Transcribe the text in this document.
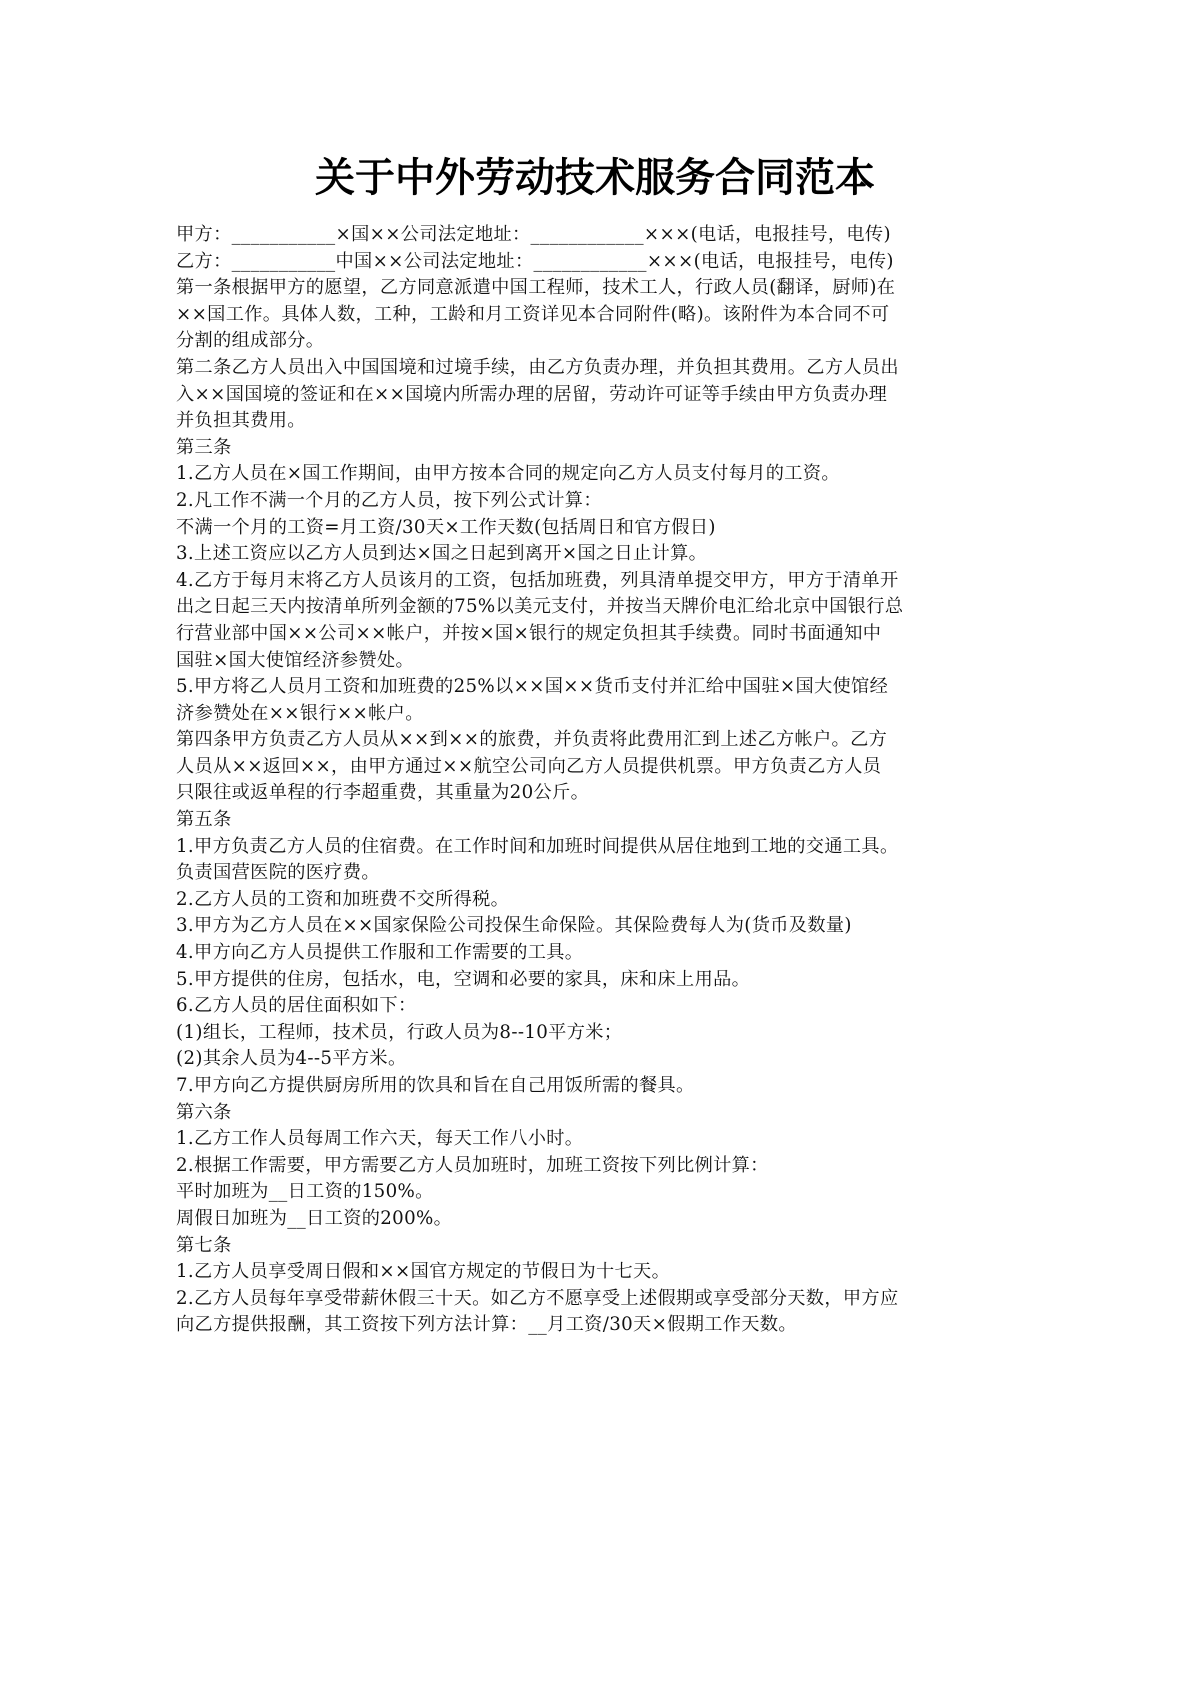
关于中外劳动技术服务合同范本
甲方：___________×国××公司法定地址：____________×××(电话，电报挂号，电传)
乙方：___________中国××公司法定地址：____________×××(电话，电报挂号，电传)
第一条根据甲方的愿望，乙方同意派遣中国工程师，技术工人，行政人员(翻译，厨师)在
××国工作。具体人数，工种，工龄和月工资详见本合同附件(略)。该附件为本合同不可
分割的组成部分。
第二条乙方人员出入中国国境和过境手续，由乙方负责办理，并负担其费用。乙方人员出
入××国国境的签证和在××国境内所需办理的居留，劳动许可证等手续由甲方负责办理
并负担其费用。
第三条
1.乙方人员在×国工作期间，由甲方按本合同的规定向乙方人员支付每月的工资。
2.凡工作不满一个月的乙方人员，按下列公式计算：
不满一个月的工资=月工资/30天×工作天数(包括周日和官方假日)
3.上述工资应以乙方人员到达×国之日起到离开×国之日止计算。
4.乙方于每月末将乙方人员该月的工资，包括加班费，列具清单提交甲方，甲方于清单开
出之日起三天内按清单所列金额的75%以美元支付，并按当天牌价电汇给北京中国银行总
行营业部中国××公司××帐户，并按×国×银行的规定负担其手续费。同时书面通知中
国驻×国大使馆经济参赞处。
5.甲方将乙人员月工资和加班费的25%以××国××货币支付并汇给中国驻×国大使馆经
济参赞处在××银行××帐户。
第四条甲方负责乙方人员从××到××的旅费，并负责将此费用汇到上述乙方帐户。乙方
人员从××返回××，由甲方通过××航空公司向乙方人员提供机票。甲方负责乙方人员
只限往或返单程的行李超重费，其重量为20公斤。
第五条
1.甲方负责乙方人员的住宿费。在工作时间和加班时间提供从居住地到工地的交通工具。
负责国营医院的医疗费。
2.乙方人员的工资和加班费不交所得税。
3.甲方为乙方人员在××国家保险公司投保生命保险。其保险费每人为(货币及数量)
4.甲方向乙方人员提供工作服和工作需要的工具。
5.甲方提供的住房，包括水，电，空调和必要的家具，床和床上用品。
6.乙方人员的居住面积如下：
(1)组长，工程师，技术员，行政人员为8--10平方米；
(2)其余人员为4--5平方米。
7.甲方向乙方提供厨房所用的饮具和旨在自己用饭所需的餐具。
第六条
1.乙方工作人员每周工作六天，每天工作八小时。
2.根据工作需要，甲方需要乙方人员加班时，加班工资按下列比例计算：
平时加班为__日工资的150%。
周假日加班为__日工资的200%。
第七条
1.乙方人员享受周日假和××国官方规定的节假日为十七天。
2.乙方人员每年享受带薪休假三十天。如乙方不愿享受上述假期或享受部分天数，甲方应
向乙方提供报酬，其工资按下列方法计算：__月工资/30天×假期工作天数。
